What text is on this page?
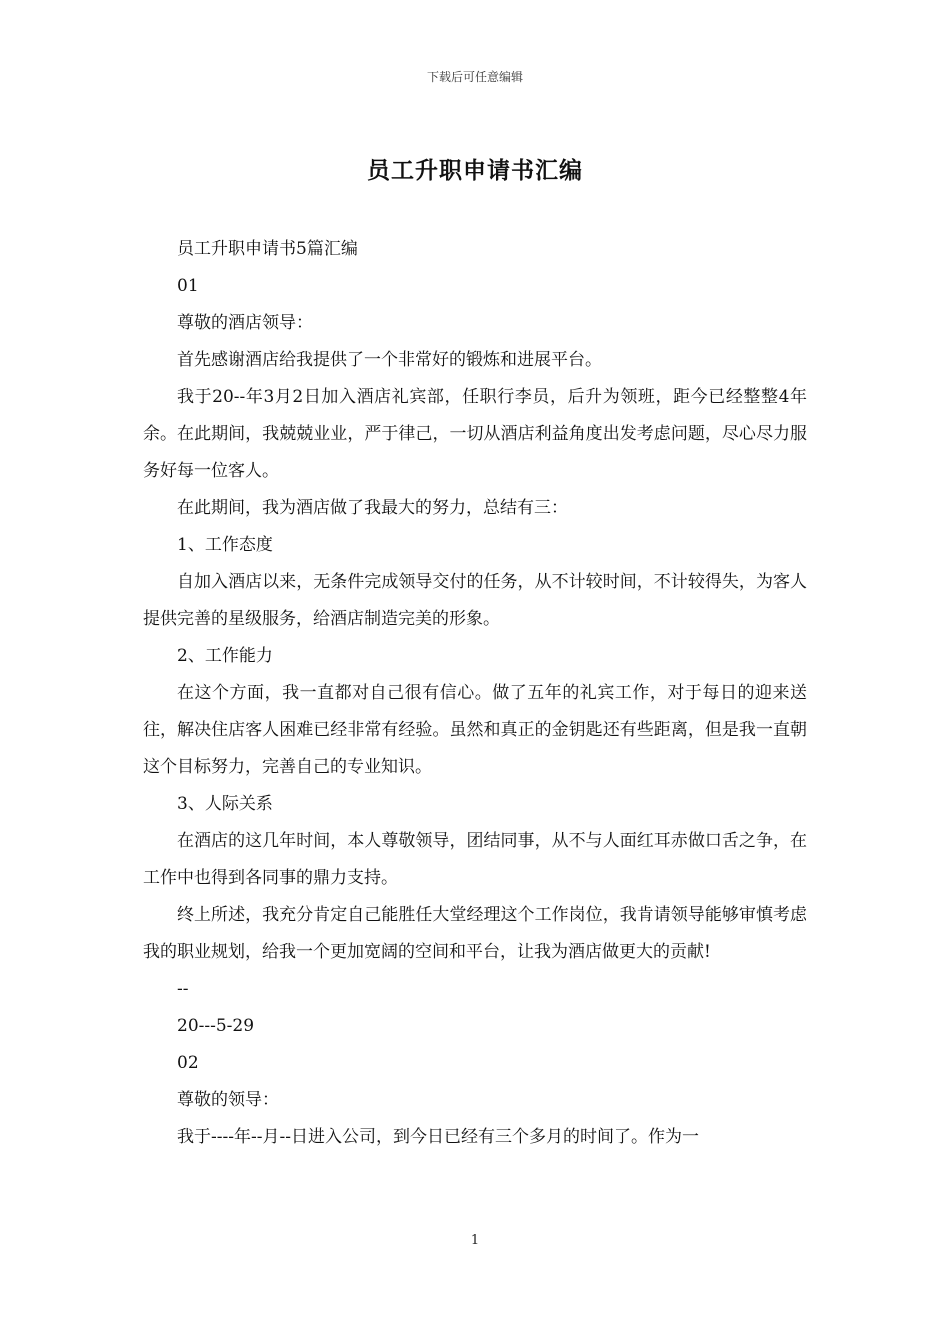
下载后可任意编辑
员工升职申请书汇编

员工升职申请书5篇汇编

01

尊敬的酒店领导：

首先感谢酒店给我提供了一个非常好的锻炼和进展平台。

我于20--年3月2日加入酒店礼宾部，任职行李员，后升为领班，距今已经整整4年余。在此期间，我兢兢业业，严于律己，一切从酒店利益角度出发考虑问题，尽心尽力服务好每一位客人。

在此期间，我为酒店做了我最大的努力，总结有三：

1、工作态度

自加入酒店以来，无条件完成领导交付的任务，从不计较时间，不计较得失，为客人提供完善的星级服务，给酒店制造完美的形象。

2、工作能力

在这个方面，我一直都对自己很有信心。做了五年的礼宾工作，对于每日的迎来送往，解决住店客人困难已经非常有经验。虽然和真正的金钥匙还有些距离，但是我一直朝这个目标努力，完善自己的专业知识。

3、人际关系

在酒店的这几年时间，本人尊敬领导，团结同事，从不与人面红耳赤做口舌之争，在工作中也得到各同事的鼎力支持。

终上所述，我充分肯定自己能胜任大堂经理这个工作岗位，我肯请领导能够审慎考虑我的职业规划，给我一个更加宽阔的空间和平台，让我为酒店做更大的贡献!

--

20---5-29

02

尊敬的领导：

我于----年--月--日进入公司，到今日已经有三个多月的时间了。作为一

1
